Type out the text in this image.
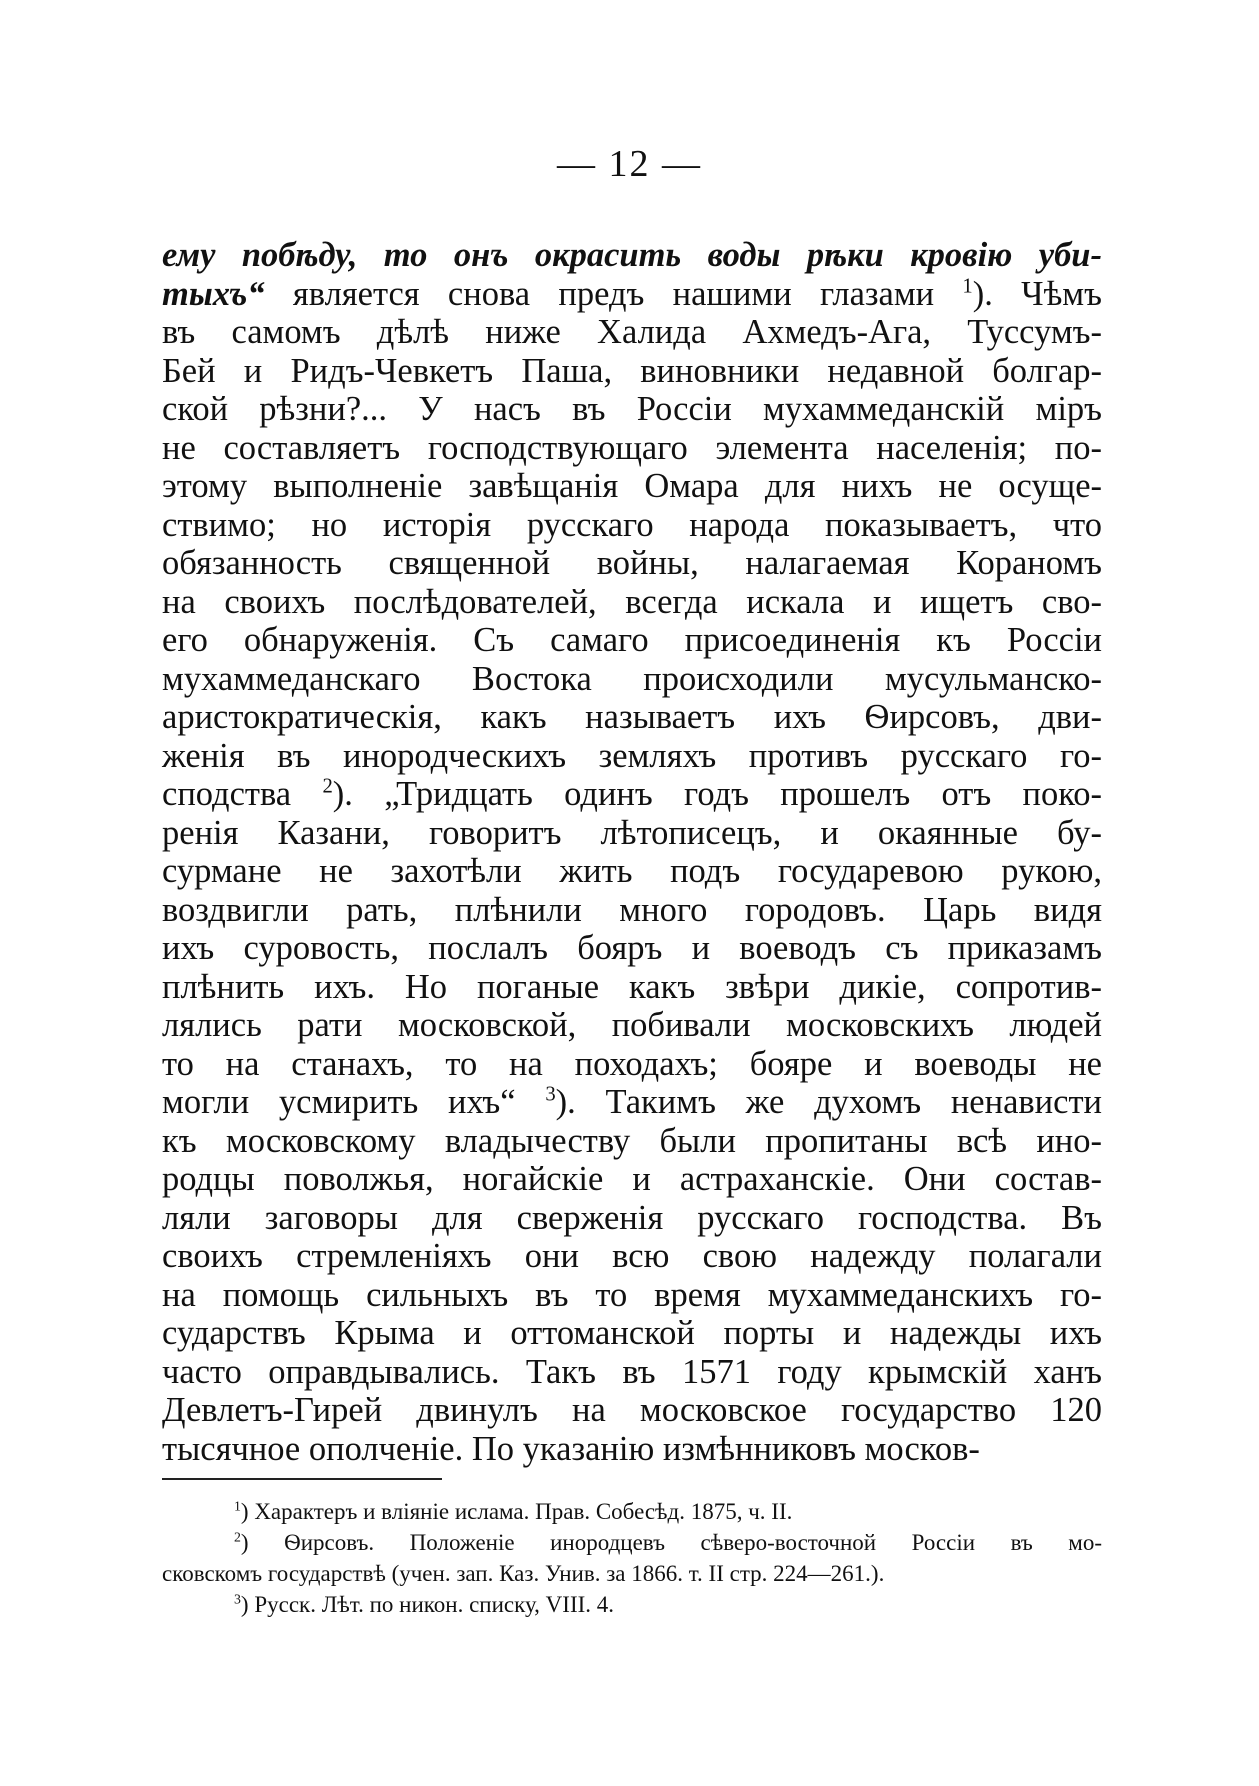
— 12 —
ему побѣду, то онъ окрасить воды рѣки кровію уби-
тыхъ“ является снова предъ нашими глазами $^1$). Чѣмъ
въ самомъ дѣлѣ ниже Халида Ахмедъ-Ага, Туссумъ-
Бей и Ридъ-Чевкетъ Паша, виновники недавной болгар-
ской рѣзни?... У насъ въ Россіи мухаммеданскій міръ
не составляетъ господствующаго элемента населенія; по-
этому выполненіе завѣщанія Омара для нихъ не осуще-
ствимо; но исторія русскаго народа показываетъ, что
обязанность священной войны, налагаемая Кораномъ
на своихъ послѣдователей, всегда искала и ищетъ сво-
его обнаруженія. Съ самаго присоединенія къ Россіи
мухаммеданскаго Востока происходили мусульманско-
аристократическія, какъ называетъ ихъ Ѳирсовъ, дви-
женія въ инородческихъ земляхъ противъ русскаго го-
сподства $^2$). „Тридцать одинъ годъ прошелъ отъ поко-
ренія Казани, говоритъ лѣтописецъ, и окаянные бу-
сурмане не захотѣли жить подъ государевою рукою,
воздвигли рать, плѣнили много городовъ. Царь видя
ихъ суровость, послалъ бояръ и воеводъ съ приказамъ
плѣнить ихъ. Но поганые какъ звѣри дикіе, сопротив-
лялись рати московской, побивали московскихъ людей
то на станахъ, то на походахъ; бояре и воеводы не
могли усмирить ихъ“ $^3$). Такимъ же духомъ ненависти
къ московскому владычеству были пропитаны всѣ ино-
родцы поволжья, ногайскіе и астраханскіе. Они состав-
ляли заговоры для сверженія русскаго господства. Въ
своихъ стремленіяхъ они всю свою надежду полагали
на помощь сильныхъ въ то время мухаммеданскихъ го-
сударствъ Крыма и оттоманской порты и надежды ихъ
часто оправдывались. Такъ въ 1571 году крымскій ханъ
Девлетъ-Гирей двинулъ на московское государство 120
тысячное ополченіе. По указанію измѣнниковъ москов-
$^1$) Характеръ и вліяніе ислама. Прав. Собесѣд. 1875, ч. II.
$^2$) Ѳирсовъ. Положеніе инородцевъ сѣверо-восточной Россіи въ мо-
сковскомъ государствѣ (учен. зап. Каз. Унив. за 1866. т. II стр. 224—261.).
$^3$) Русск. Лѣт. по никон. списку, VIII. 4.
